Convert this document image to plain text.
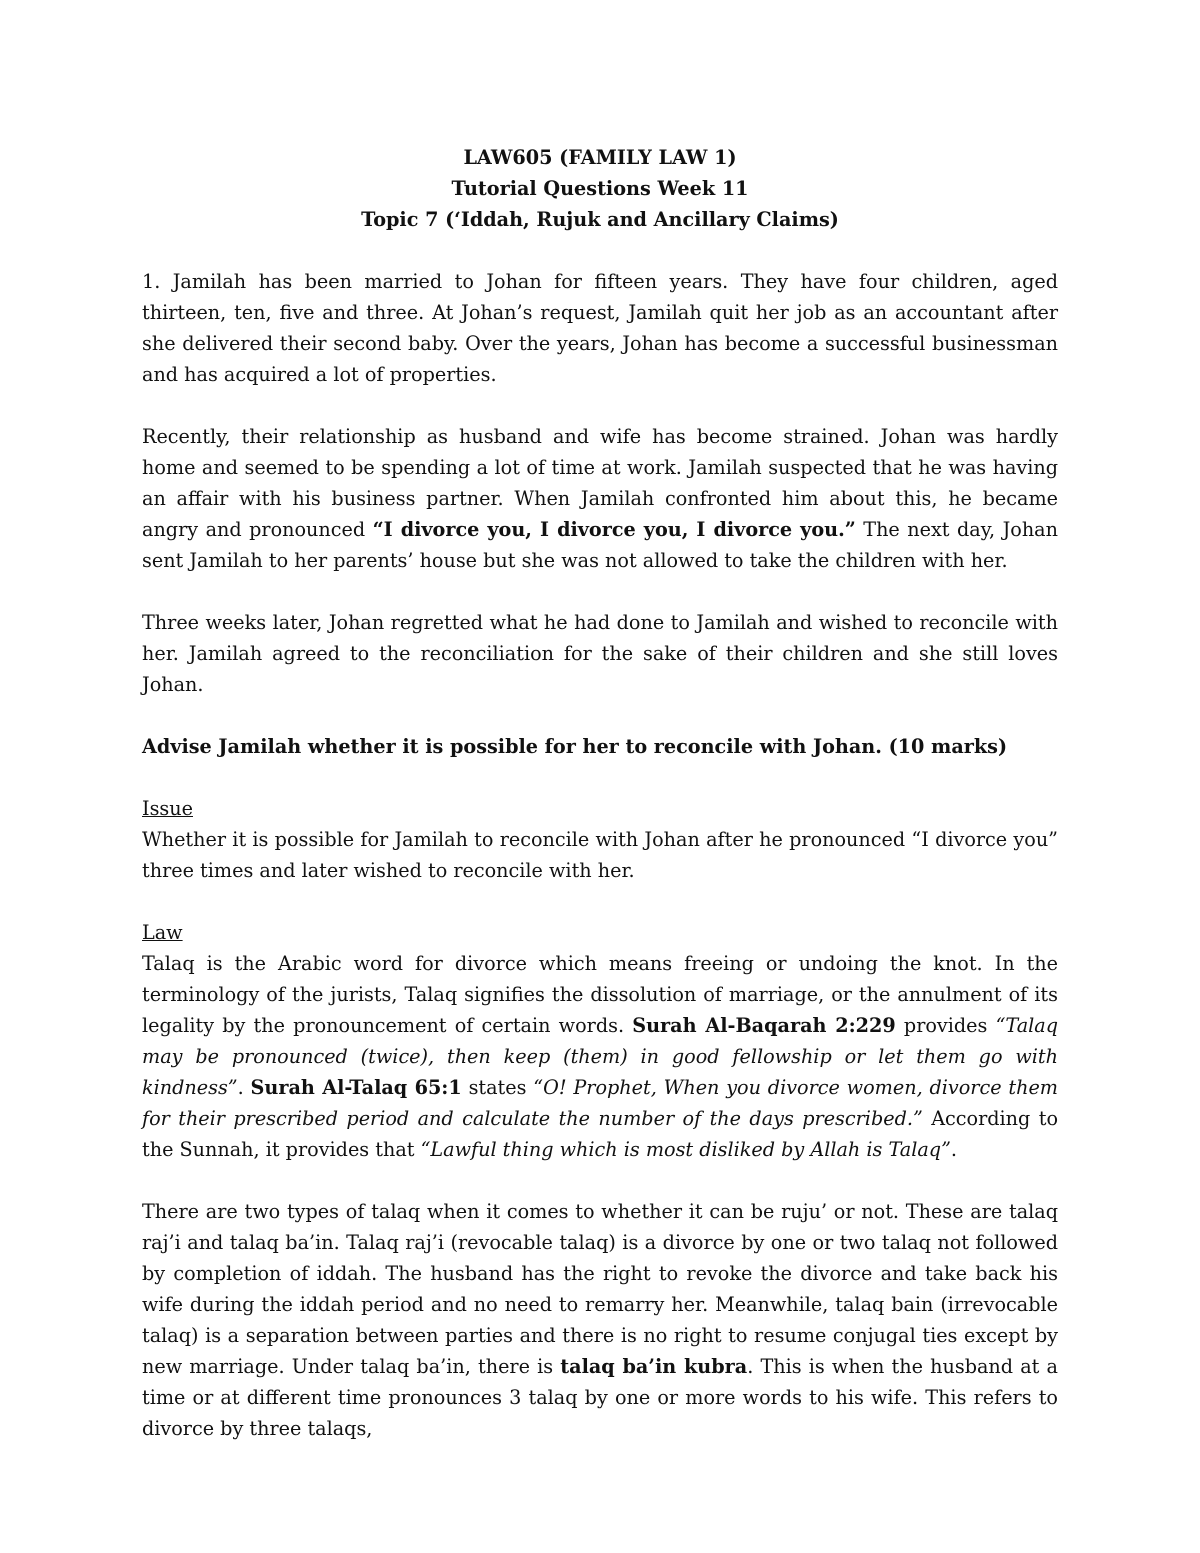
LAW605 (FAMILY LAW 1)
Tutorial Questions Week 11
Topic 7 (‘Iddah, Rujuk and Ancillary Claims)

1. Jamilah has been married to Johan for fifteen years. They have four children, aged thirteen, ten, five and three. At Johan’s request, Jamilah quit her job as an accountant after she delivered their second baby. Over the years, Johan has become a successful businessman and has acquired a lot of properties.

Recently, their relationship as husband and wife has become strained. Johan was hardly home and seemed to be spending a lot of time at work. Jamilah suspected that he was having an affair with his business partner. When Jamilah confronted him about this, he became angry and pronounced “I divorce you, I divorce you, I divorce you.” The next day, Johan sent Jamilah to her parents’ house but she was not allowed to take the children with her.

Three weeks later, Johan regretted what he had done to Jamilah and wished to reconcile with her. Jamilah agreed to the reconciliation for the sake of their children and she still loves Johan.

Advise Jamilah whether it is possible for her to reconcile with Johan. (10 marks)

Issue
Whether it is possible for Jamilah to reconcile with Johan after he pronounced “I divorce you” three times and later wished to reconcile with her.

Law
Talaq is the Arabic word for divorce which means freeing or undoing the knot. In the terminology of the jurists, Talaq signifies the dissolution of marriage, or the annulment of its legality by the pronouncement of certain words. Surah Al-Baqarah 2:229 provides “Talaq may be pronounced (twice), then keep (them) in good fellowship or let them go with kindness”. Surah Al-Talaq 65:1 states “O! Prophet, When you divorce women, divorce them for their prescribed period and calculate the number of the days prescribed.” According to the Sunnah, it provides that “Lawful thing which is most disliked by Allah is Talaq”.

There are two types of talaq when it comes to whether it can be ruju’ or not. These are talaq raj’i and talaq ba’in. Talaq raj’i (revocable talaq) is a divorce by one or two talaq not followed by completion of iddah. The husband has the right to revoke the divorce and take back his wife during the iddah period and no need to remarry her. Meanwhile, talaq bain (irrevocable talaq) is a separation between parties and there is no right to resume conjugal ties except by new marriage. Under talaq ba’in, there is talaq ba’in kubra. This is when the husband at a time or at different time pronounces 3 talaq by one or more words to his wife. This refers to divorce by three talaqs,
